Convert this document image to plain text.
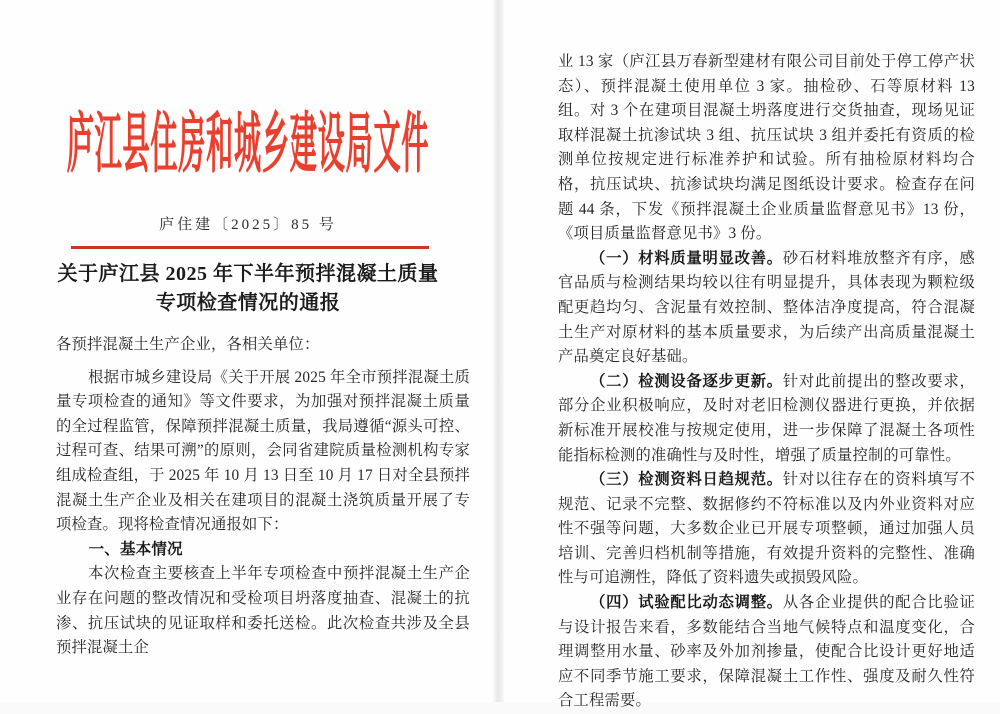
庐江县住房和城乡建设局文件
庐住建〔2025〕85 号
关于庐江县 2025 年下半年预拌混凝土质量
专项检查情况的通报

各预拌混凝土生产企业，各相关单位：

根据市城乡建设局《关于开展 2025 年全市预拌混凝土质量专项检查的通知》等文件要求，为加强对预拌混凝土质量的全过程监管，保障预拌混凝土质量，我局遵循“源头可控、过程可查、结果可溯”的原则，会同省建院质量检测机构专家组成检查组，于 2025 年 10 月 13 日至 10 月 17 日对全县预拌混凝土生产企业及相关在建项目的混凝土浇筑质量开展了专项检查。现将检查情况通报如下：

一、基本情况

本次检查主要核查上半年专项检查中预拌混凝土生产企业存在问题的整改情况和受检项目坍落度抽查、混凝土的抗渗、抗压试块的见证取样和委托送检。此次检查共涉及全县预拌混凝土企

业 13 家（庐江县万春新型建材有限公司目前处于停工停产状态）、预拌混凝土使用单位 3 家。抽检砂、石等原材料 13 组。对 3 个在建项目混凝土坍落度进行交货抽查，现场见证取样混凝土抗渗试块 3 组、抗压试块 3 组并委托有资质的检测单位按规定进行标准养护和试验。所有抽检原材料均合格，抗压试块、抗渗试块均满足图纸设计要求。检查存在问题 44 条，下发《预拌混凝土企业质量监督意见书》13 份，《项目质量监督意见书》3 份。

（一）材料质量明显改善。砂石材料堆放整齐有序，感官品质与检测结果均较以往有明显提升，具体表现为颗粒级配更趋均匀、含泥量有效控制、整体洁净度提高，符合混凝土生产对原材料的基本质量要求，为后续产出高质量混凝土产品奠定良好基础。

（二）检测设备逐步更新。针对此前提出的整改要求，部分企业积极响应，及时对老旧检测仪器进行更换，并依据新标准开展校准与按规定使用，进一步保障了混凝土各项性能指标检测的准确性与及时性，增强了质量控制的可靠性。

（三）检测资料日趋规范。针对以往存在的资料填写不规范、记录不完整、数据修约不符标准以及内外业资料对应性不强等问题，大多数企业已开展专项整顿，通过加强人员培训、完善归档机制等措施，有效提升资料的完整性、准确性与可追溯性，降低了资料遗失或损毁风险。

（四）试验配比动态调整。从各企业提供的配合比验证与设计报告来看，多数能结合当地气候特点和温度变化，合理调整用水量、砂率及外加剂掺量，使配合比设计更好地适应不同季节施工要求，保障混凝土工作性、强度及耐久性符合工程需要。
